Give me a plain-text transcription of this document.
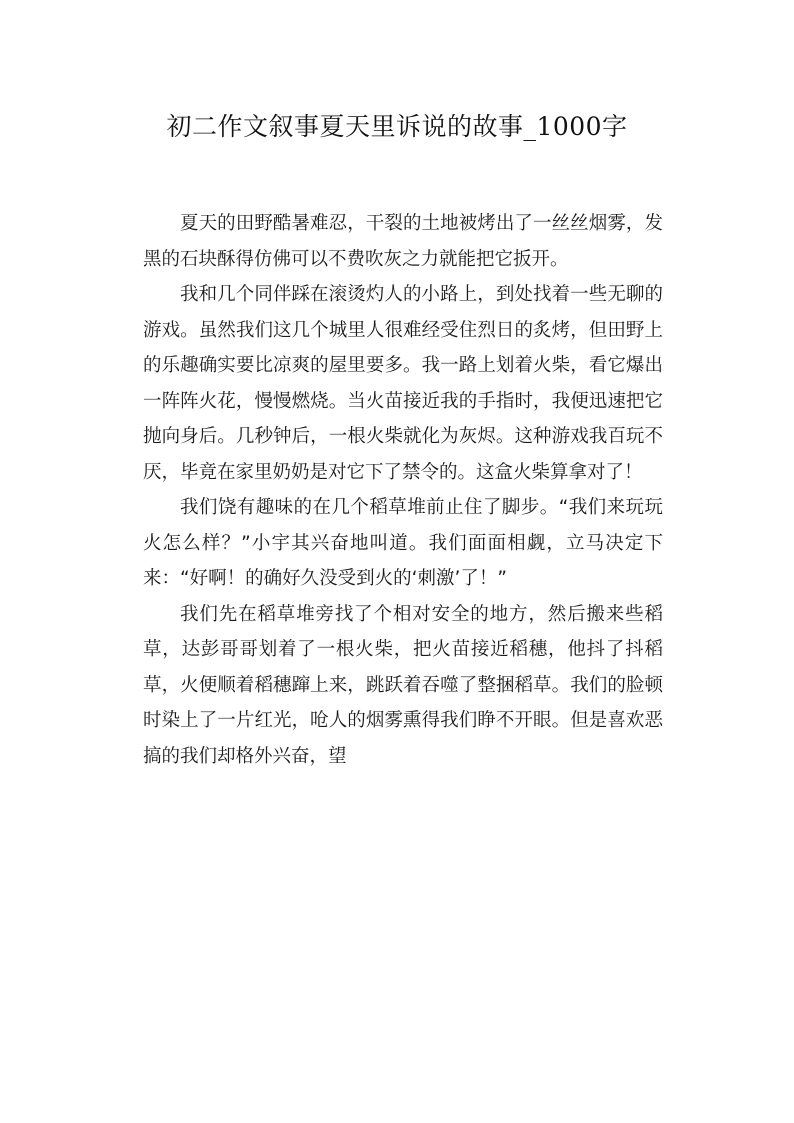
初二作文叙事夏天里诉说的故事_1000字

夏天的田野酷暑难忍，干裂的土地被烤出了一丝丝烟雾，发黑的石块酥得仿佛可以不费吹灰之力就能把它扳开。

我和几个同伴踩在滚烫灼人的小路上，到处找着一些无聊的游戏。虽然我们这几个城里人很难经受住烈日的炙烤，但田野上的乐趣确实要比凉爽的屋里要多。我一路上划着火柴，看它爆出一阵阵火花，慢慢燃烧。当火苗接近我的手指时，我便迅速把它抛向身后。几秒钟后，一根火柴就化为灰烬。这种游戏我百玩不厌，毕竟在家里奶奶是对它下了禁令的。这盒火柴算拿对了！

我们饶有趣味的在几个稻草堆前止住了脚步。“我们来玩玩火怎么样？”小宇其兴奋地叫道。我们面面相觑，立马决定下来：“好啊！的确好久没受到火的‘刺激’了！”

我们先在稻草堆旁找了个相对安全的地方，然后搬来些稻草，达彭哥哥划着了一根火柴，把火苗接近稻穗，他抖了抖稻草，火便顺着稻穗蹿上来，跳跃着吞噬了整捆稻草。我们的脸顿时染上了一片红光，呛人的烟雾熏得我们睁不开眼。但是喜欢恶搞的我们却格外兴奋，望
